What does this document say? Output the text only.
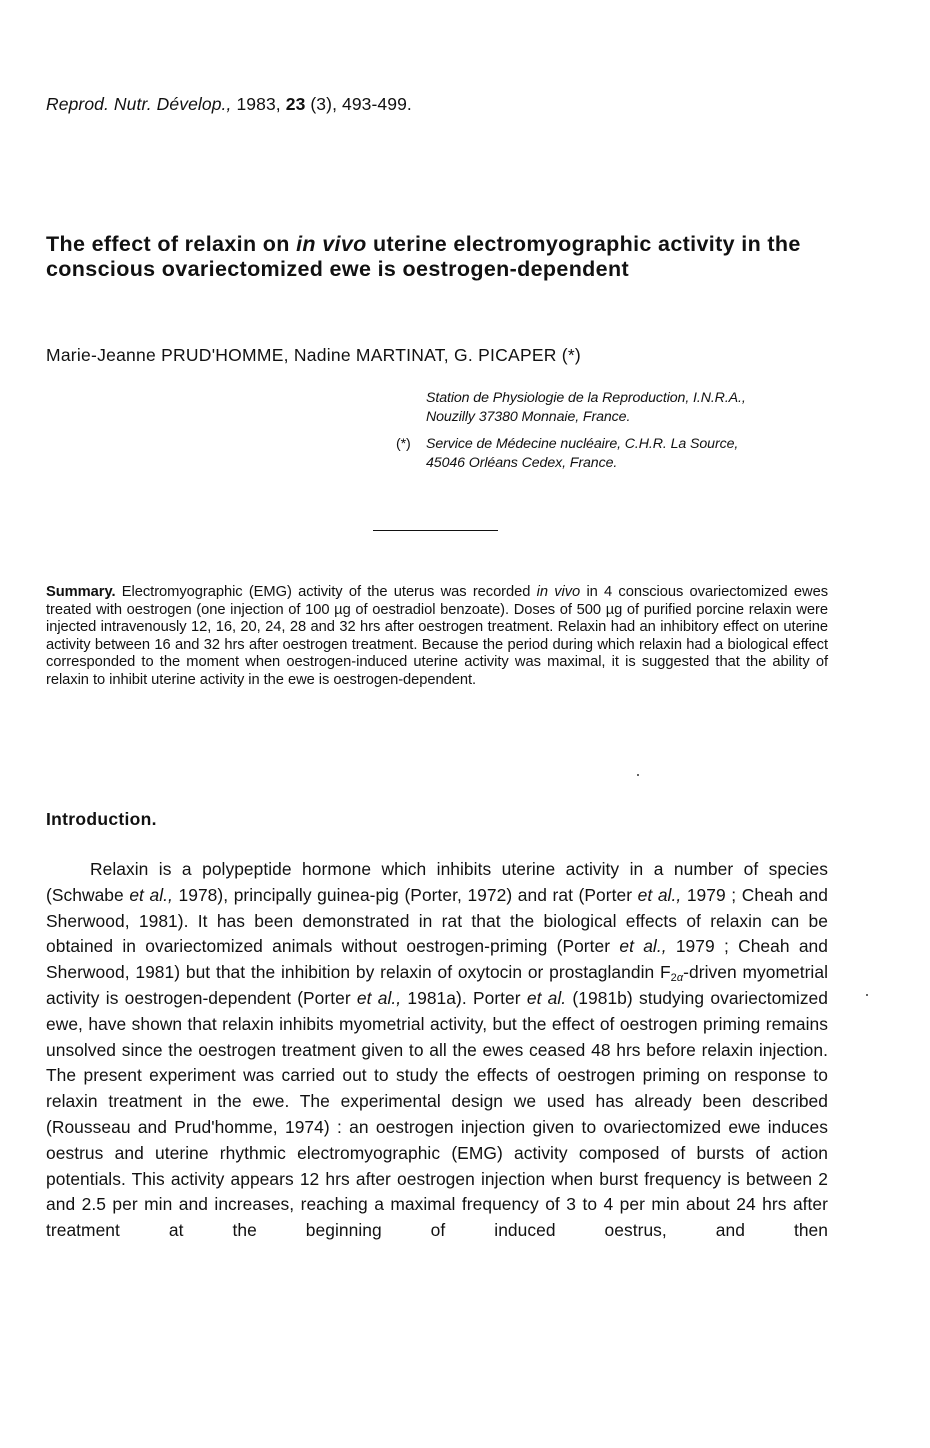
Reprod. Nutr. Dévelop., 1983, 23 (3), 493-499.
The effect of relaxin on in vivo uterine electromyographic activity in the conscious ovariectomized ewe is oestrogen-dependent
Marie-Jeanne PRUD'HOMME, Nadine MARTINAT, G. PICAPER (*)
Station de Physiologie de la Reproduction, I.N.R.A.,
Nouzilly 37380 Monnaie, France.
(*) Service de Médecine nucléaire, C.H.R. La Source,
45046 Orléans Cedex, France.
Summary. Electromyographic (EMG) activity of the uterus was recorded in vivo in 4 conscious ovariectomized ewes treated with oestrogen (one injection of 100 µg of oestradiol benzoate). Doses of 500 µg of purified porcine relaxin were injected intravenously 12, 16, 20, 24, 28 and 32 hrs after oestrogen treatment. Relaxin had an inhibitory effect on uterine activity between 16 and 32 hrs after oestrogen treatment. Because the period during which relaxin had a biological effect corresponded to the moment when oestrogen-induced uterine activity was maximal, it is suggested that the ability of relaxin to inhibit uterine activity in the ewe is oestrogen-dependent.
Introduction.
Relaxin is a polypeptide hormone which inhibits uterine activity in a number of species (Schwabe et al., 1978), principally guinea-pig (Porter, 1972) and rat (Porter et al., 1979 ; Cheah and Sherwood, 1981). It has been demonstrated in rat that the biological effects of relaxin can be obtained in ovariectomized animals without oestrogen-priming (Porter et al., 1979 ; Cheah and Sherwood, 1981) but that the inhibition by relaxin of oxytocin or prostaglandin $F_{2\alpha}$-driven myometrial activity is oestrogen-dependent (Porter et al., 1981a). Porter et al. (1981b) studying ovariectomized ewe, have shown that relaxin inhibits myometrial activity, but the effect of oestrogen priming remains unsolved since the oestrogen treatment given to all the ewes ceased 48 hrs before relaxin injection. The present experiment was carried out to study the effects of oestrogen priming on response to relaxin treatment in the ewe. The experimental design we used has already been described (Rousseau and Prud'homme, 1974) : an oestrogen injection given to ovariectomized ewe induces oestrus and uterine rhythmic electromyographic (EMG) activity composed of bursts of action potentials. This activity appears 12 hrs after oestrogen injection when burst frequency is between 2 and 2.5 per min and increases, reaching a maximal frequency of 3 to 4 per min about 24 hrs after treatment at the beginning of induced oestrus, and then
